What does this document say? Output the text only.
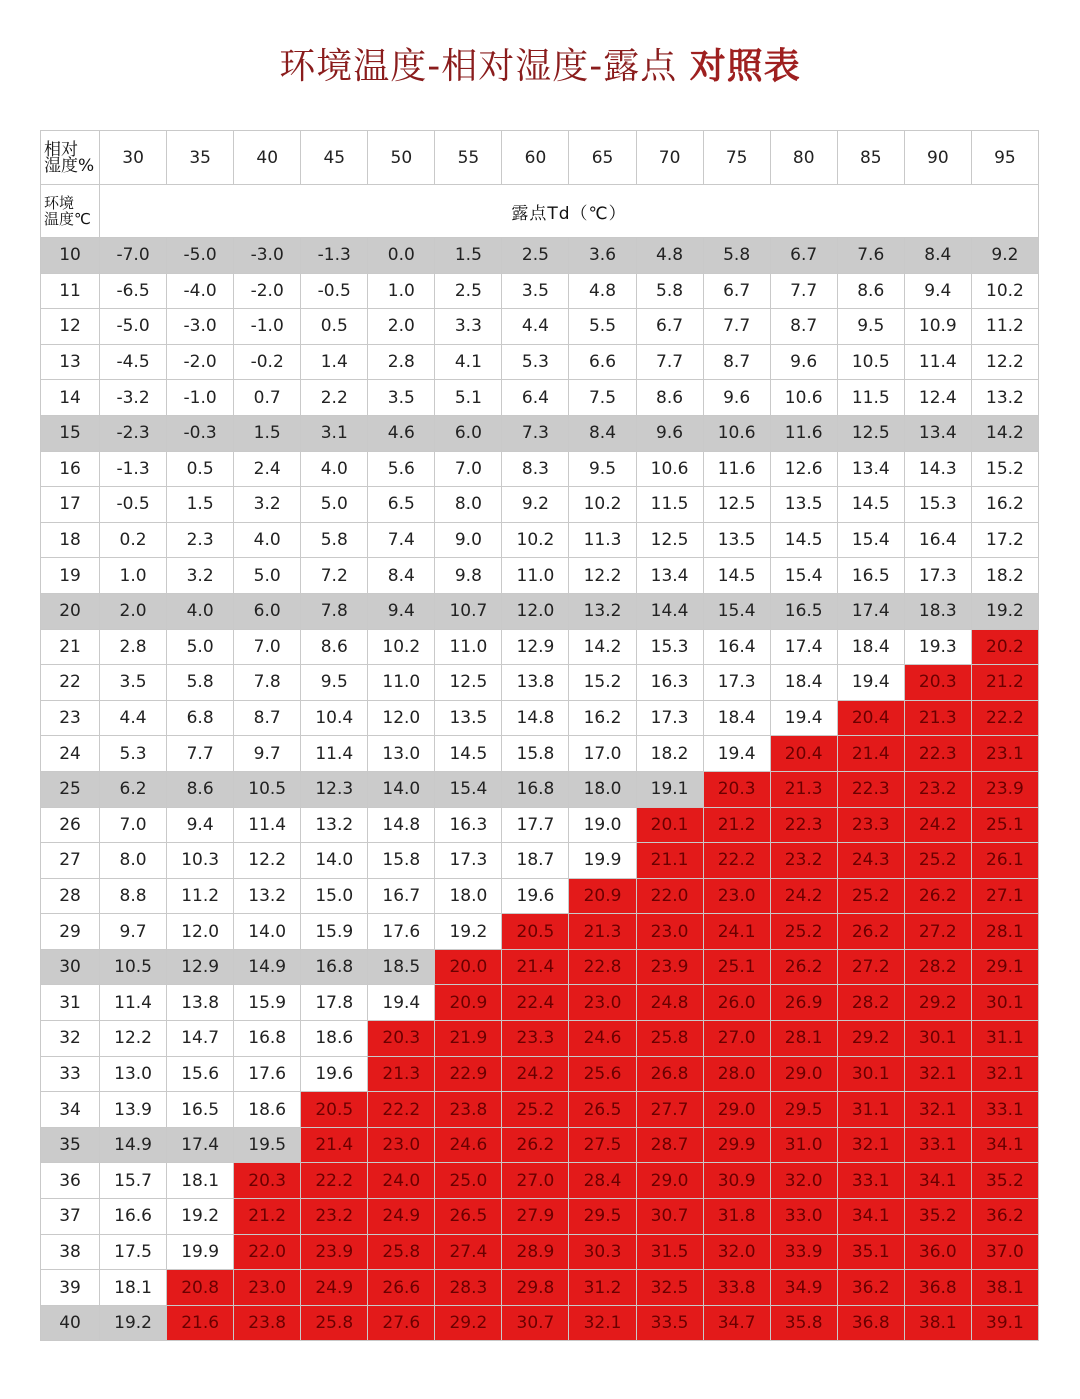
环境温度-相对湿度-露点 对照表
相对
湿度%	30	35	40	45	50	55	60	65	70	75	80	85	90	95
环境
温度℃	露点Td（℃）													
10	-7.0	-5.0	-3.0	-1.3	0.0	1.5	2.5	3.6	4.8	5.8	6.7	7.6	8.4	9.2
11	-6.5	-4.0	-2.0	-0.5	1.0	2.5	3.5	4.8	5.8	6.7	7.7	8.6	9.4	10.2
12	-5.0	-3.0	-1.0	0.5	2.0	3.3	4.4	5.5	6.7	7.7	8.7	9.5	10.9	11.2
13	-4.5	-2.0	-0.2	1.4	2.8	4.1	5.3	6.6	7.7	8.7	9.6	10.5	11.4	12.2
14	-3.2	-1.0	0.7	2.2	3.5	5.1	6.4	7.5	8.6	9.6	10.6	11.5	12.4	13.2
15	-2.3	-0.3	1.5	3.1	4.6	6.0	7.3	8.4	9.6	10.6	11.6	12.5	13.4	14.2
16	-1.3	0.5	2.4	4.0	5.6	7.0	8.3	9.5	10.6	11.6	12.6	13.4	14.3	15.2
17	-0.5	1.5	3.2	5.0	6.5	8.0	9.2	10.2	11.5	12.5	13.5	14.5	15.3	16.2
18	0.2	2.3	4.0	5.8	7.4	9.0	10.2	11.3	12.5	13.5	14.5	15.4	16.4	17.2
19	1.0	3.2	5.0	7.2	8.4	9.8	11.0	12.2	13.4	14.5	15.4	16.5	17.3	18.2
20	2.0	4.0	6.0	7.8	9.4	10.7	12.0	13.2	14.4	15.4	16.5	17.4	18.3	19.2
21	2.8	5.0	7.0	8.6	10.2	11.0	12.9	14.2	15.3	16.4	17.4	18.4	19.3	20.2
22	3.5	5.8	7.8	9.5	11.0	12.5	13.8	15.2	16.3	17.3	18.4	19.4	20.3	21.2
23	4.4	6.8	8.7	10.4	12.0	13.5	14.8	16.2	17.3	18.4	19.4	20.4	21.3	22.2
24	5.3	7.7	9.7	11.4	13.0	14.5	15.8	17.0	18.2	19.4	20.4	21.4	22.3	23.1
25	6.2	8.6	10.5	12.3	14.0	15.4	16.8	18.0	19.1	20.3	21.3	22.3	23.2	23.9
26	7.0	9.4	11.4	13.2	14.8	16.3	17.7	19.0	20.1	21.2	22.3	23.3	24.2	25.1
27	8.0	10.3	12.2	14.0	15.8	17.3	18.7	19.9	21.1	22.2	23.2	24.3	25.2	26.1
28	8.8	11.2	13.2	15.0	16.7	18.0	19.6	20.9	22.0	23.0	24.2	25.2	26.2	27.1
29	9.7	12.0	14.0	15.9	17.6	19.2	20.5	21.3	23.0	24.1	25.2	26.2	27.2	28.1
30	10.5	12.9	14.9	16.8	18.5	20.0	21.4	22.8	23.9	25.1	26.2	27.2	28.2	29.1
31	11.4	13.8	15.9	17.8	19.4	20.9	22.4	23.0	24.8	26.0	26.9	28.2	29.2	30.1
32	12.2	14.7	16.8	18.6	20.3	21.9	23.3	24.6	25.8	27.0	28.1	29.2	30.1	31.1
33	13.0	15.6	17.6	19.6	21.3	22.9	24.2	25.6	26.8	28.0	29.0	30.1	32.1	32.1
34	13.9	16.5	18.6	20.5	22.2	23.8	25.2	26.5	27.7	29.0	29.5	31.1	32.1	33.1
35	14.9	17.4	19.5	21.4	23.0	24.6	26.2	27.5	28.7	29.9	31.0	32.1	33.1	34.1
36	15.7	18.1	20.3	22.2	24.0	25.0	27.0	28.4	29.0	30.9	32.0	33.1	34.1	35.2
37	16.6	19.2	21.2	23.2	24.9	26.5	27.9	29.5	30.7	31.8	33.0	34.1	35.2	36.2
38	17.5	19.9	22.0	23.9	25.8	27.4	28.9	30.3	31.5	32.0	33.9	35.1	36.0	37.0
39	18.1	20.8	23.0	24.9	26.6	28.3	29.8	31.2	32.5	33.8	34.9	36.2	36.8	38.1
40	19.2	21.6	23.8	25.8	27.6	29.2	30.7	32.1	33.5	34.7	35.8	36.8	38.1	39.1
